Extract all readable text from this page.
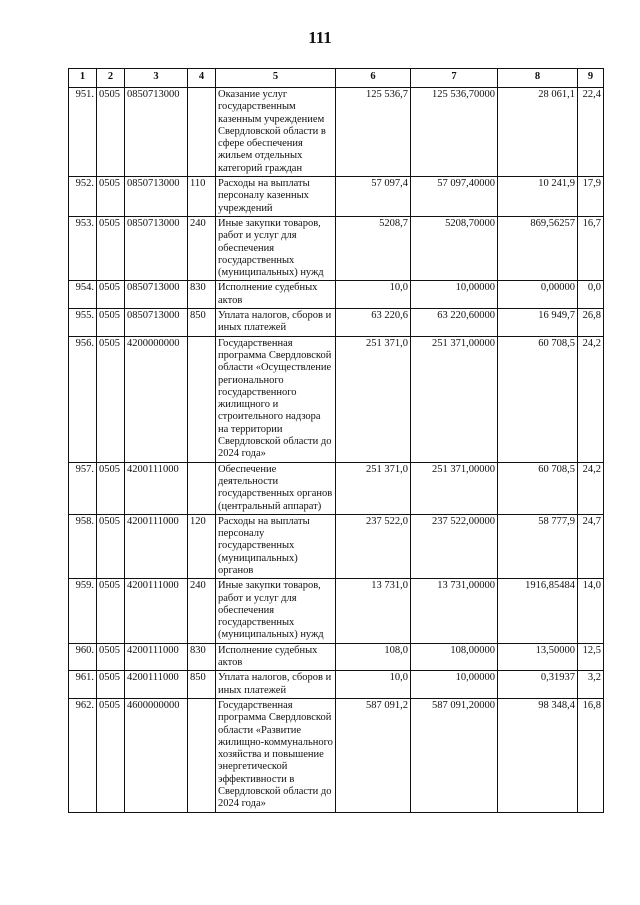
111
1	2	3	4	5	6	7	8	9
951.	0505	0850713000		Оказание услуг государственным казенным учреждением Свердловской области в сфере обеспечения жильем отдельных категорий граждан	125 536,7	125 536,70000	28 061,1	22,4
952.	0505	0850713000	110	Расходы на выплаты персоналу казенных учреждений	57 097,4	57 097,40000	10 241,9	17,9
953.	0505	0850713000	240	Иные закупки товаров, работ и услуг для обеспечения государственных (муниципальных) нужд	5208,7	5208,70000	869,56257	16,7
954.	0505	0850713000	830	Исполнение судебных актов	10,0	10,00000	0,00000	0,0
955.	0505	0850713000	850	Уплата налогов, сборов и иных платежей	63 220,6	63 220,60000	16 949,7	26,8
956.	0505	4200000000		Государственная программа Свердловской области «Осуществление регионального государственного жилищного и строительного надзора на территории Свердловской области до 2024 года»	251 371,0	251 371,00000	60 708,5	24,2
957.	0505	4200111000		Обеспечение деятельности государственных органов (центральный аппарат)	251 371,0	251 371,00000	60 708,5	24,2
958.	0505	4200111000	120	Расходы на выплаты персоналу государственных (муниципальных) органов	237 522,0	237 522,00000	58 777,9	24,7
959.	0505	4200111000	240	Иные закупки товаров, работ и услуг для обеспечения государственных (муниципальных) нужд	13 731,0	13 731,00000	1916,85484	14,0
960.	0505	4200111000	830	Исполнение судебных актов	108,0	108,00000	13,50000	12,5
961.	0505	4200111000	850	Уплата налогов, сборов и иных платежей	10,0	10,00000	0,31937	3,2
962.	0505	4600000000		Государственная программа Свердловской области «Развитие жилищно-коммунального хозяйства и повышение энергетической эффективности в Свердловской области до 2024 года»	587 091,2	587 091,20000	98 348,4	16,8
